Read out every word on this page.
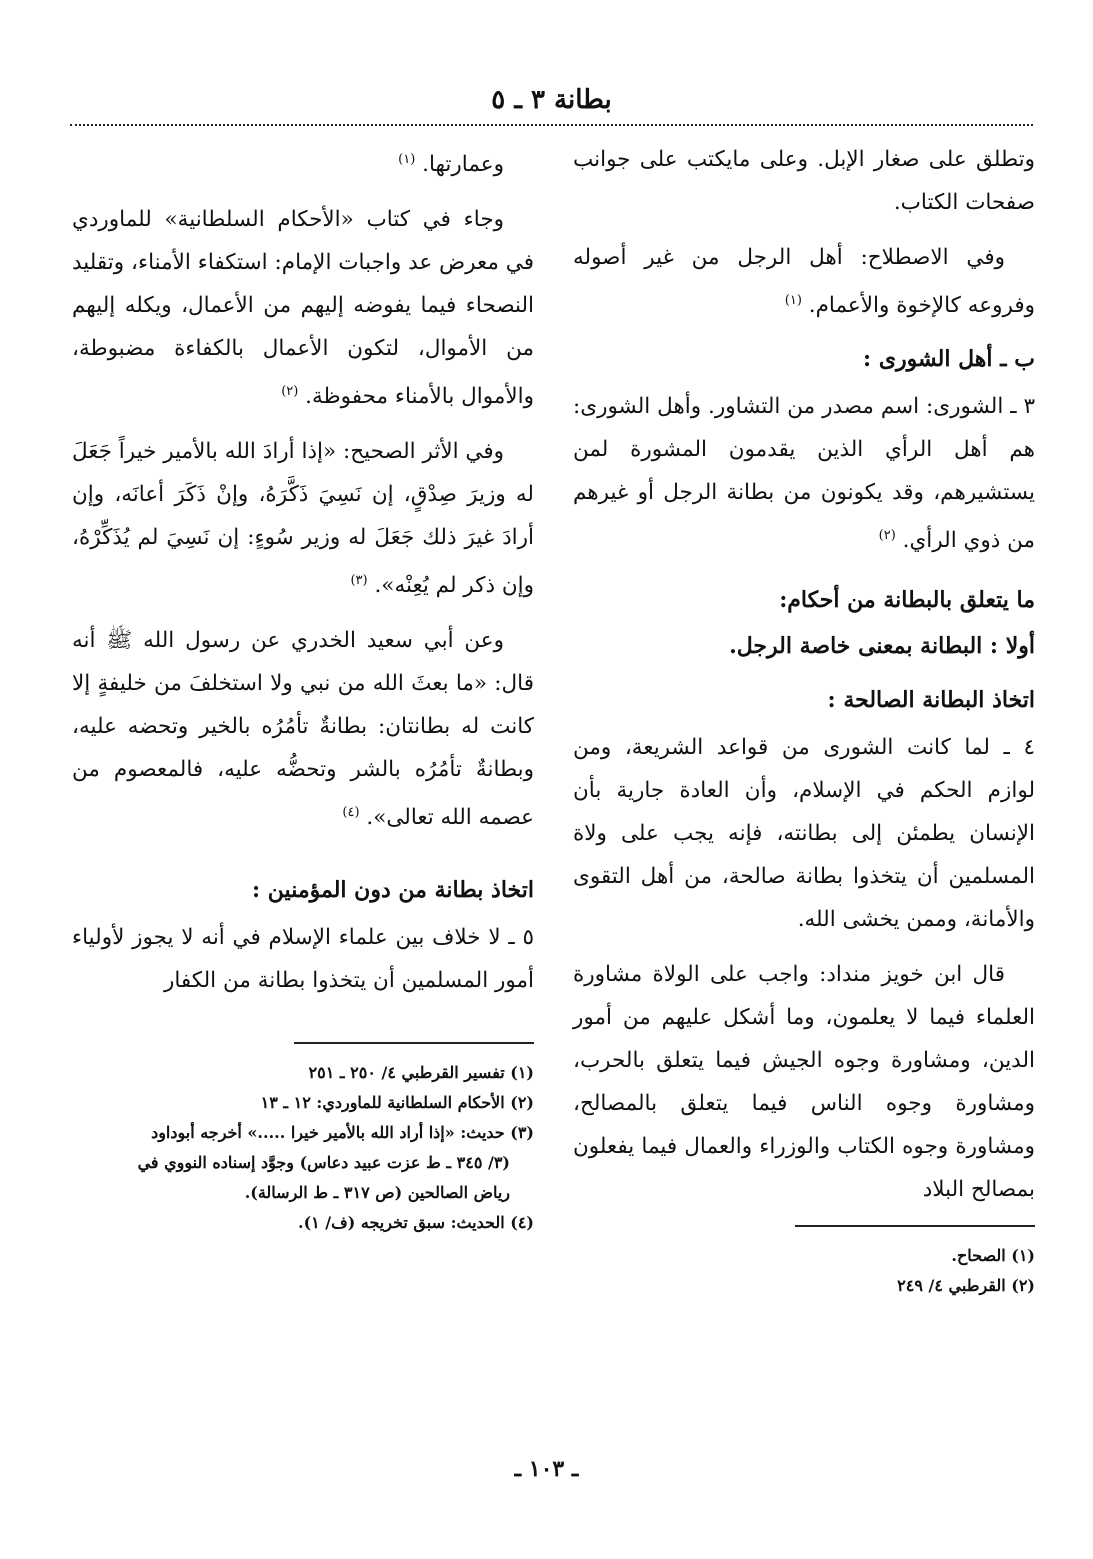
بطانة ٣ ـ ٥

وتطلق على صغار الإبل. وعلى مايكتب على جوانب صفحات الكتاب.

وفي الاصطلاح: أهل الرجل من غير أصوله وفروعه كالإخوة والأعمام. $^{(١)}$

ب ـ أهل الشورى :

٣ ـ الشورى: اسم مصدر من التشاور. وأهل الشورى: هم أهل الرأي الذين يقدمون المشورة لمن يستشيرهم، وقد يكونون من بطانة الرجل أو غيرهم من ذوي الرأي. $^{(٢)}$

ما يتعلق بالبطانة من أحكام:
أولا : البطانة بمعنى خاصة الرجل.
اتخاذ البطانة الصالحة :

٤ ـ لما كانت الشورى من قواعد الشريعة، ومن لوازم الحكم في الإسلام، وأن العادة جارية بأن الإنسان يطمئن إلى بطانته، فإنه يجب على ولاة المسلمين أن يتخذوا بطانة صالحة، من أهل التقوى والأمانة، وممن يخشى الله.

قال ابن خويز منداد: واجب على الولاة مشاورة العلماء فيما لا يعلمون، وما أشكل عليهم من أمور الدين، ومشاورة وجوه الجيش فيما يتعلق بالحرب، ومشاورة وجوه الناس فيما يتعلق بالمصالح، ومشاورة وجوه الكتاب والوزراء والعمال فيما يفعلون بمصالح البلاد

(١) الصحاح.
(٢) القرطبي ٤/ ٢٤٩

وعمارتها. $^{(١)}$

وجاء في كتاب «الأحكام السلطانية» للماوردي في معرض عد واجبات الإمام: استكفاء الأمناء، وتقليد النصحاء فيما يفوضه إليهم من الأعمال، ويكله إليهم من الأموال، لتكون الأعمال بالكفاءة مضبوطة، والأموال بالأمناء محفوظة. $^{(٢)}$

وفي الأثر الصحيح: «إذا أرادَ الله بالأمير خيراً جَعَلَ له وزيرَ صِدْقٍ، إن نَسِيَ ذَكَّرَهُ، وإنْ ذَكَرَ أعانَه، وإن أرادَ غيرَ ذلك جَعَلَ له وزير سُوءٍ: إن نَسِيَ لم يُذَكِّرْهُ، وإن ذكر لم يُعِنْه». $^{(٣)}$

وعن أبي سعيد الخدري عن رسول الله ﷺ أنه قال: «ما بعثَ الله من نبي ولا استخلفَ من خليفةٍ إلا كانت له بطانتان: بطانةٌ تأمُرُه بالخير وتحضه عليه، وبطانةٌ تأمُرُه بالشر وتحضُّه عليه، فالمعصوم من عصمه الله تعالى». $^{(٤)}$

اتخاذ بطانة من دون المؤمنين :

٥ ـ لا خلاف بين علماء الإسلام في أنه لا يجوز لأولياء أمور المسلمين أن يتخذوا بطانة من الكفار

(١) تفسير القرطبي ٤/ ٢٥٠ ـ ٢٥١
(٢) الأحكام السلطانية للماوردي: ١٢ ـ ١٣
(٣) حديث: «إذا أراد الله بالأمير خيرا .....» أخرجه أبوداود
(٣/ ٣٤٥ ـ ط عزت عبيد دعاس) وجوَّد إسناده النووي في
رياض الصالحين (ص ٣١٧ ـ ط الرسالة).
(٤) الحديث: سبق تخريجه (ف/ ١).
ـ ١٠٣ ـ
